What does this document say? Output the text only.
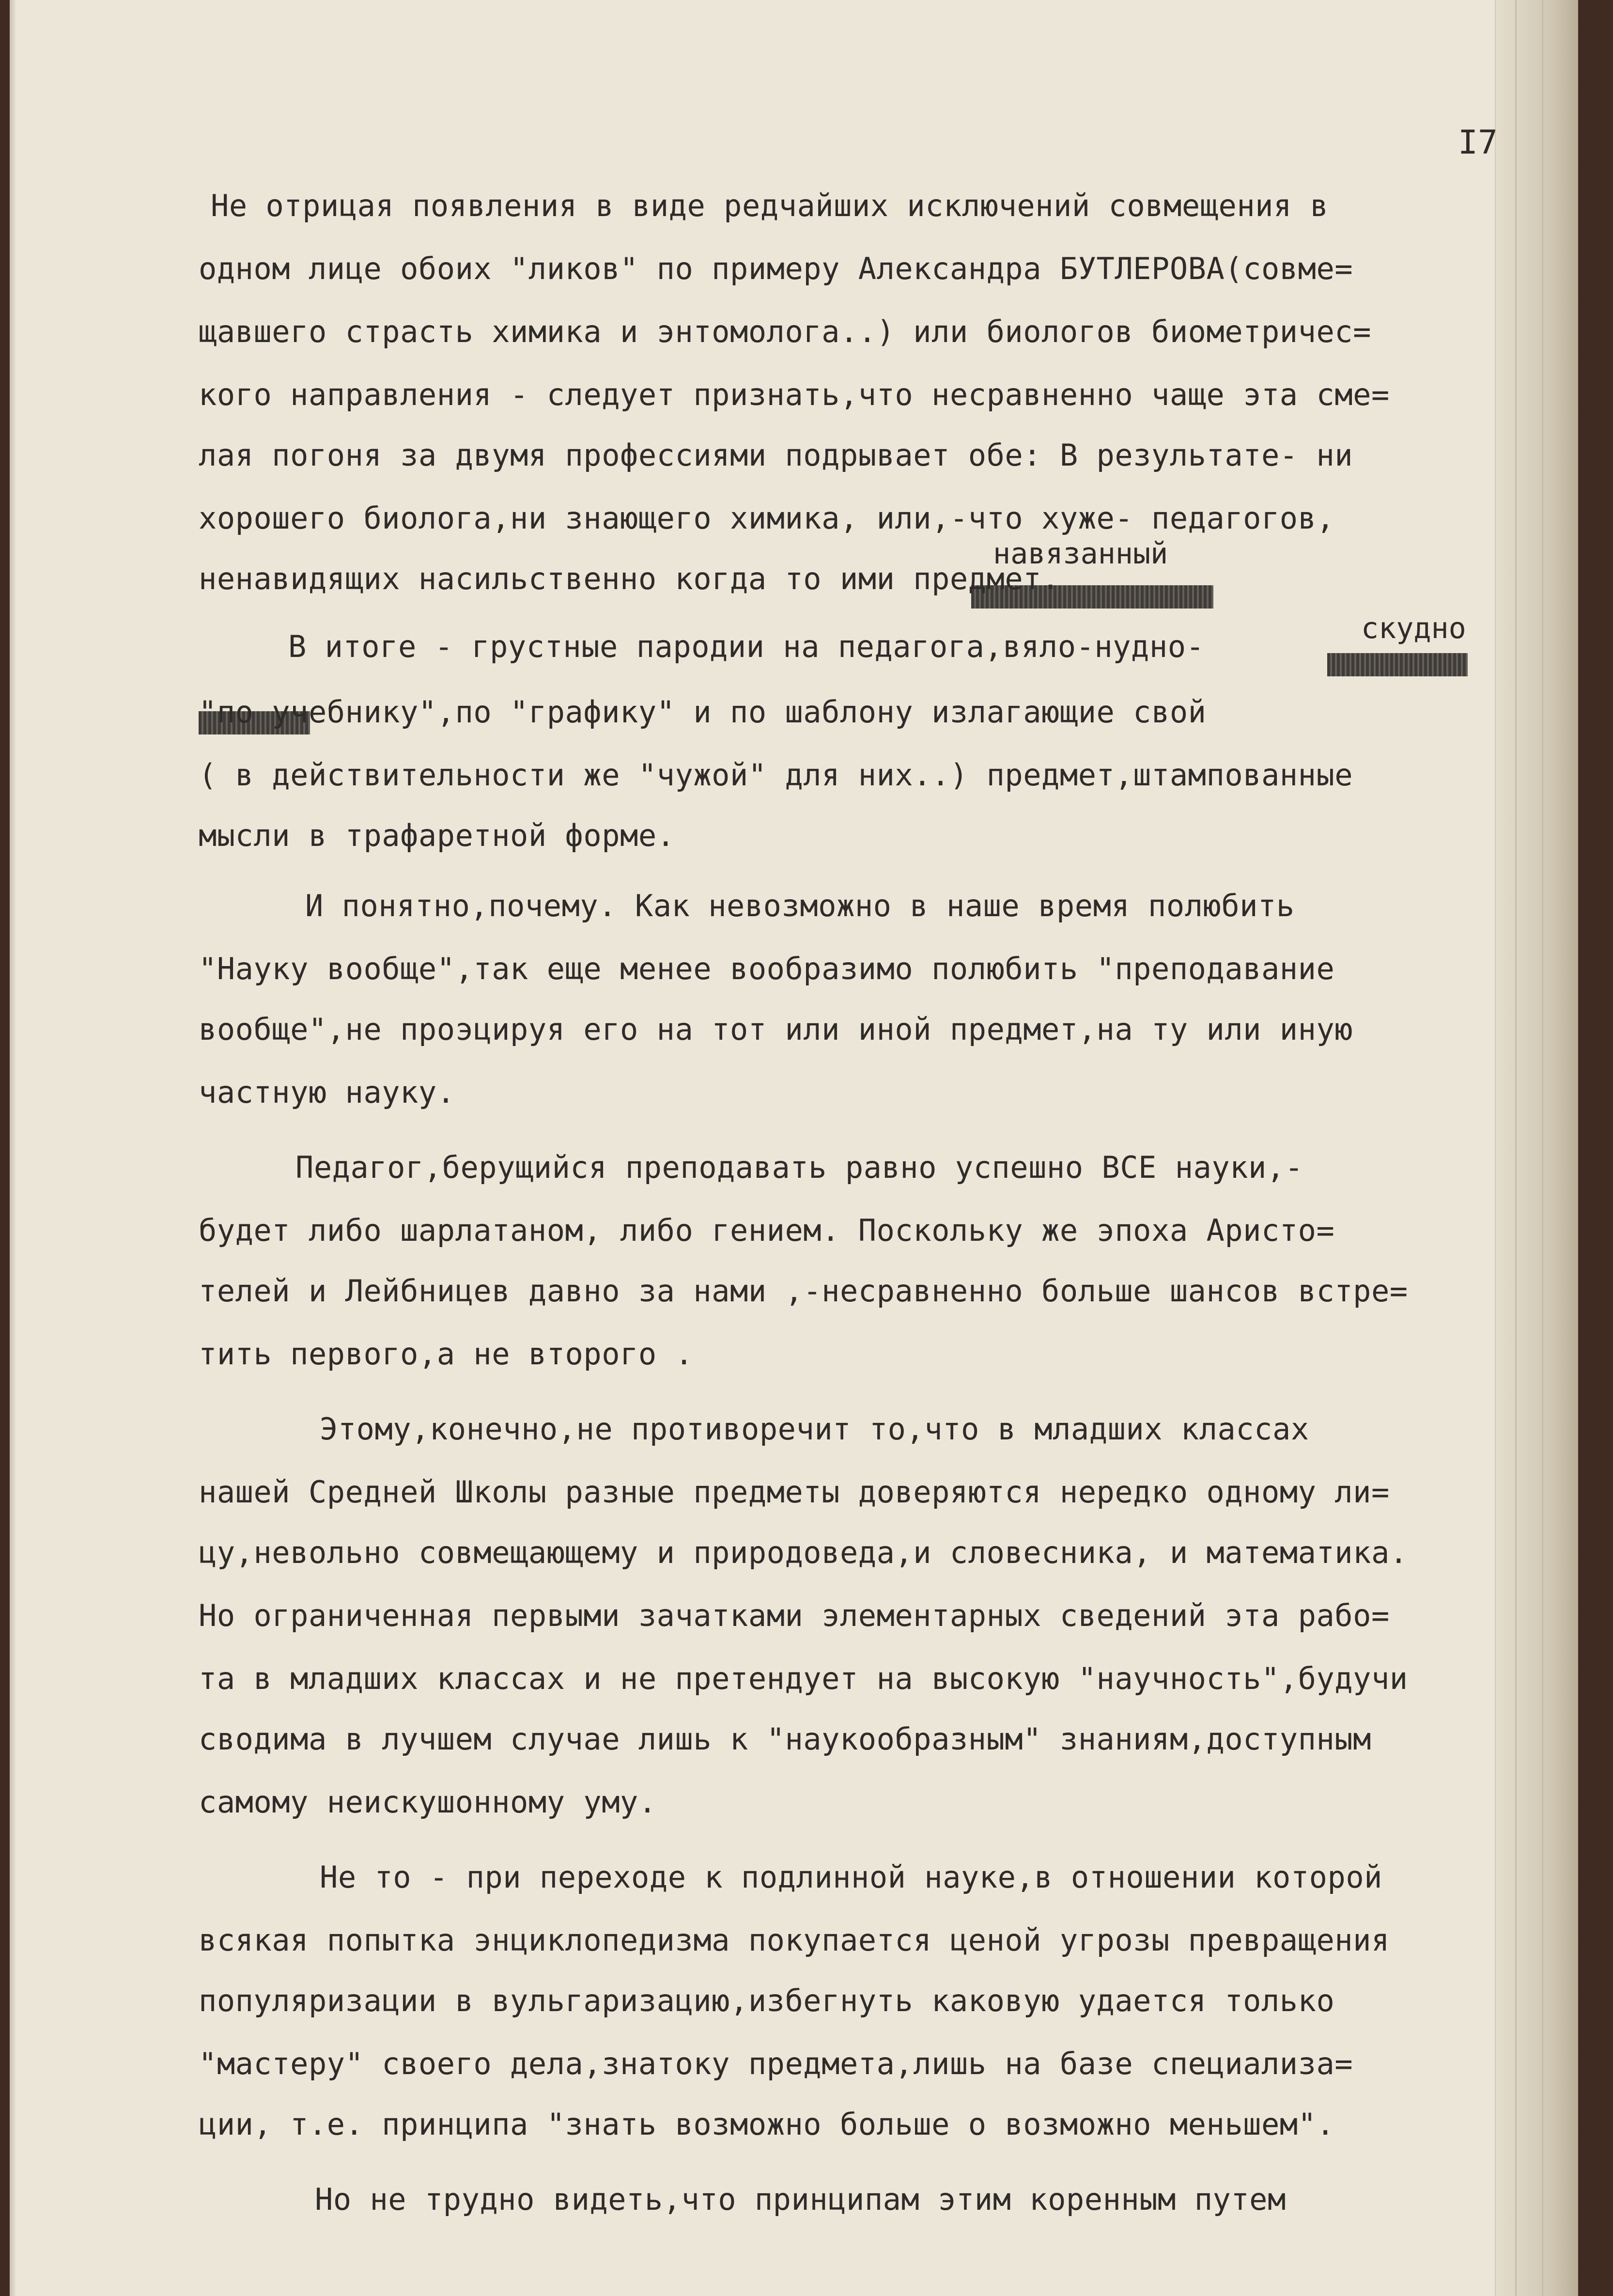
I7
навязанный
скудно
Не отрицая появления в виде редчайших исключений совмещения в
одном лице обоих "ликов" по примеру Александра БУТЛЕРОВА(совме=
щавшего страсть химика и энтомолога..) или биологов биометричес=
кого направления - следует признать,что несравненно чаще эта сме=
лая погоня за двумя профессиями подрывает обе: В результате- ни
хорошего биолога,ни знающего химика, или,-что хуже- педагогов,
ненавидящих насильственно когда то ими предмет.
В итоге - грустные пародии на педагога,вяло-нудно-
"по учебнику",по "графику" и по шаблону излагающие свой
( в действительности же "чужой" для них..) предмет,штампованные
мысли в трафаретной форме.
И понятно,почему. Как невозможно в наше время полюбить
"Науку вообще",так еще менее вообразимо полюбить "преподавание
вообще",не проэцируя его на тот или иной предмет,на ту или иную
частную науку.
Педагог,берущийся преподавать равно успешно ВСЕ науки,-
будет либо шарлатаном, либо гением. Поскольку же эпоха Аристо=
телей и Лейбницев давно за нами ,-несравненно больше шансов встре=
тить первого,а не второго .
Этому,конечно,не противоречит то,что в младших классах
нашей Средней Школы разные предметы доверяются нередко одному ли=
цу,невольно совмещающему и природоведа,и словесника, и математика.
Но ограниченная первыми зачатками элементарных сведений эта рабо=
та в младших классах и не претендует на высокую "научность",будучи
сводима в лучшем случае лишь к "наукообразным" знаниям,доступным
самому неискушонному уму.
Не то - при переходе к подлинной науке,в отношении которой
всякая попытка энциклопедизма покупается ценой угрозы превращения
популяризации в вульгаризацию,избегнуть каковую удается только
"мастеру" своего дела,знатоку предмета,лишь на базе специализа=
ции, т.е. принципа "знать возможно больше о возможно меньшем".
Но не трудно видеть,что принципам этим коренным путем
